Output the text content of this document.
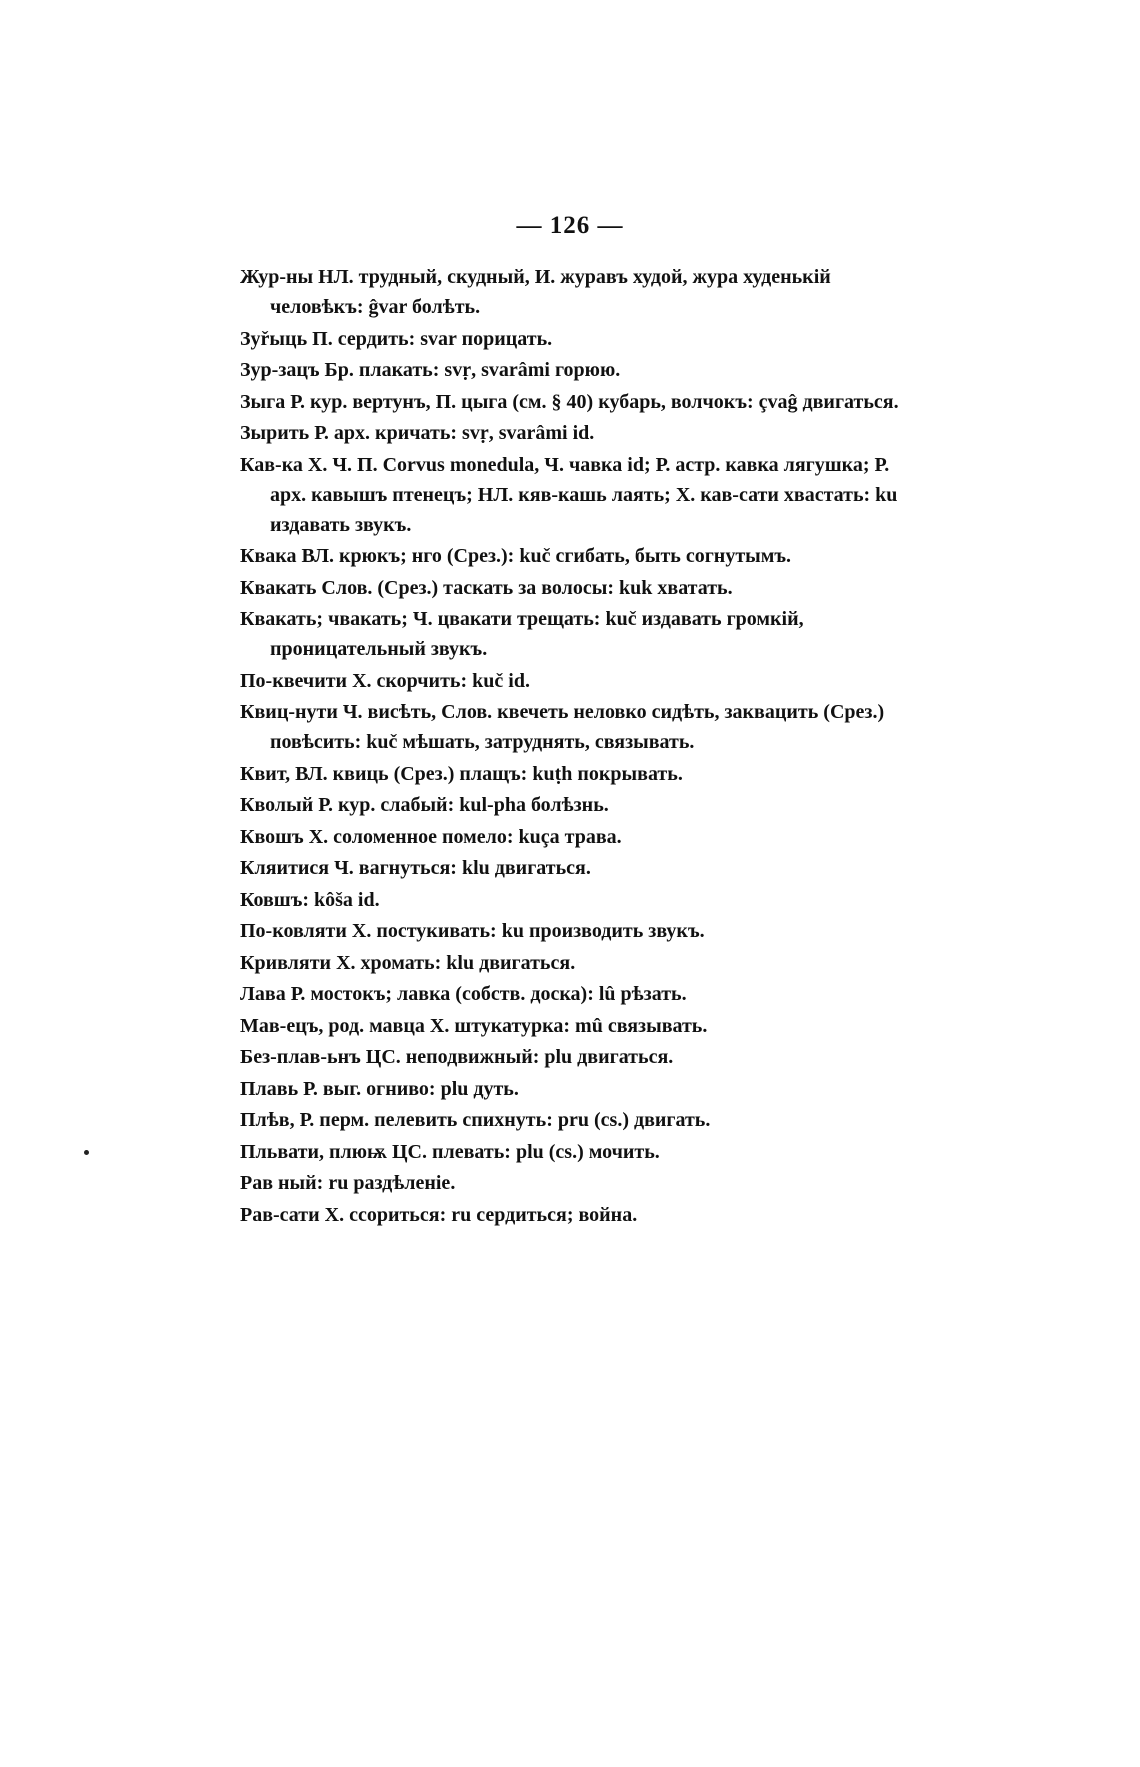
— 126 —

Жур-ны НЛ. трудный, скудный, И. журавъ худой, жура худенькій человѣкъ: ĝvar болѣть.

Зуřыць П. сердить: svar порицать.

Зур-зацъ Бр. плакать: svṛ, svarâmi горюю.

Зыга Р. кур. вертунъ, П. цыга (см. § 40) кубарь, волчокъ: çvaĝ двигаться.

Зырить Р. арх. кричать: svṛ, svarâmi id.

Кав-ка Х. Ч. П. Corvus monedula, Ч. чавка id; Р. астр. кавка лягушка; Р. арх. кавышъ птенецъ; НЛ. кяв-кашь лаять; Х. кав-сати хвастать: ku издавать звукъ.

Квака ВЛ. крюкъ; нго (Срез.): kuč сгибать, быть согнутымъ.

Квакать Слов. (Срез.) таскать за волосы: kuk хватать.

Квакать; чвакать; Ч. цвакати трещать: kuč издавать громкій, проницательный звукъ.

По-квечити Х. скорчить: kuč id.

Квиц-нути Ч. висѣть, Слов. квечеть неловко сидѣть, заквацить (Срез.) повѣсить: kuč мѣшать, затруднять, связывать.

Квит, ВЛ. квиць (Срез.) плащъ: kuṭh покрывать.

Кволый Р. кур. слабый: kul-pha болѣзнь.

Квошъ Х. соломенное помело: kuça трава.

Кляитися Ч. вагнуться: klu двигаться.

Ковшъ: kôša id.

По-ковляти Х. постукивать: ku производить звукъ.

Кривляти Х. хромать: klu двигаться.

Лава Р. мостокъ; лавка (собств. доска): lû рѣзать.

Мав-ецъ, род. мавца Х. штукатурка: mû связывать.

Без-плав-ьнъ ЦС. неподвижный: plu двигаться.

Плавь Р. выг. огниво: plu дуть.

Плѣв, Р. перм. пелевить спихнуть: pru (cs.) двигать.

Пльвати, плюѭ ЦС. плевать: plu (cs.) мочить.

Рав ный: ru раздѣленіе.

Рав-сати Х. ссориться: ru сердиться; война.
